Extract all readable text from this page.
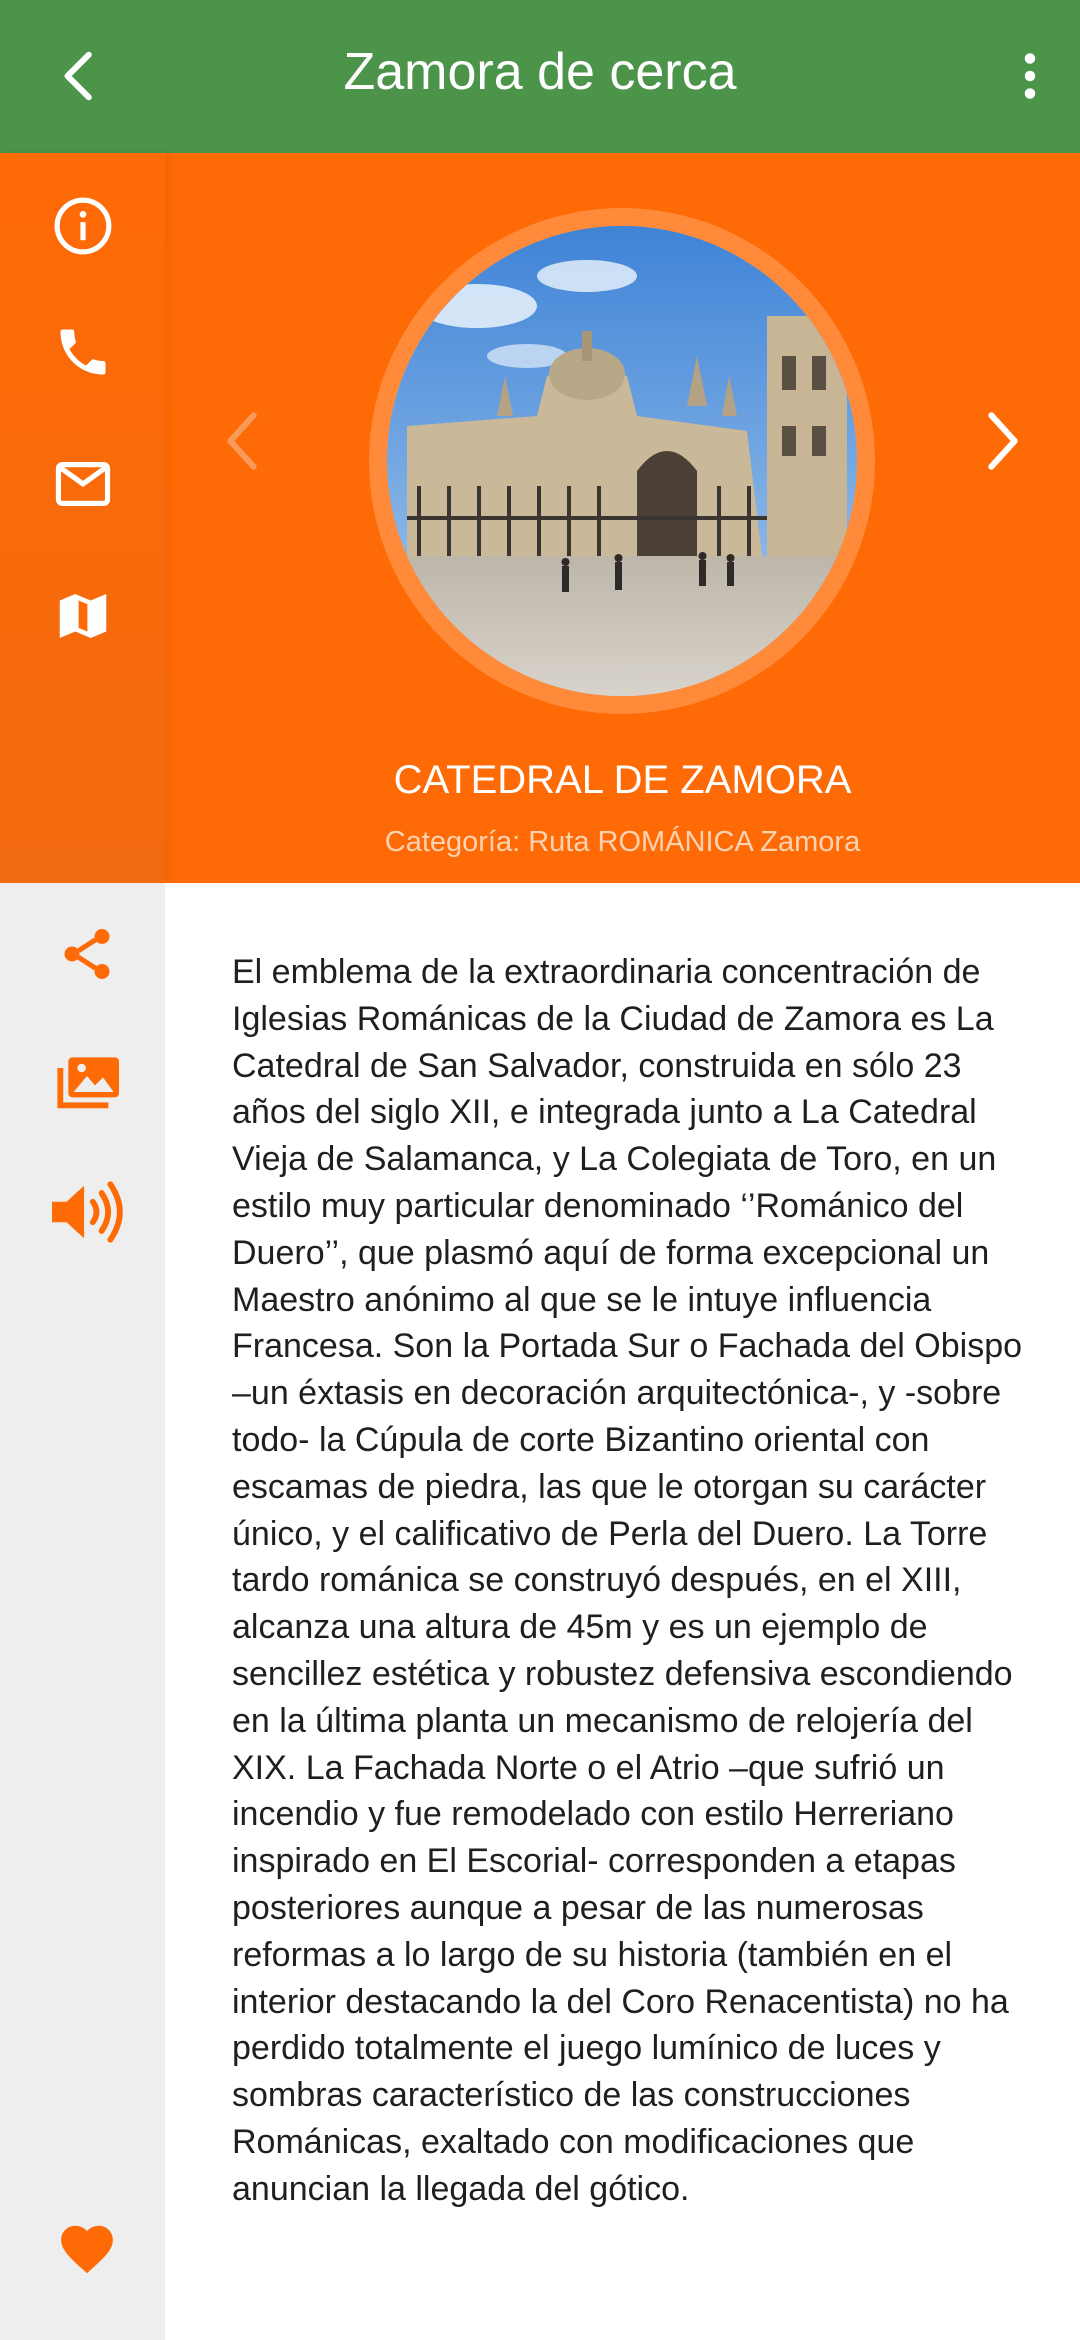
Zamora de cerca
CATEDRAL DE ZAMORA
Categoría: Ruta ROMÁNICA Zamora
El emblema de la extraordinaria concentración de Iglesias Románicas de la Ciudad de Zamora es La Catedral de San Salvador, construida en sólo 23 años del siglo XII, e integrada junto a La Catedral Vieja de Salamanca, y La Colegiata de Toro, en un estilo muy particular denominado ‘’Románico del Duero’’, que plasmó aquí de forma excepcional un Maestro anónimo al que se le intuye influencia Francesa. Son la Portada Sur o Fachada del Obispo –un éxtasis en decoración arquitectónica-, y -sobre todo- la Cúpula de corte Bizantino oriental con escamas de piedra, las que le otorgan su carácter único, y el calificativo de Perla del Duero. La Torre tardo románica se construyó después, en el XIII, alcanza una altura de 45m y es un ejemplo de sencillez estética y robustez defensiva escondiendo en la última planta un mecanismo de relojería del XIX. La Fachada Norte o el Atrio –que sufrió un incendio y fue remodelado con estilo Herreriano inspirado en El Escorial- corresponden a etapas posteriores aunque a pesar de las numerosas reformas a lo largo de su historia (también en el interior destacando la del Coro Renacentista) no ha perdido totalmente el juego lumínico de luces y sombras característico de las construcciones Románicas, exaltado con modificaciones que anuncian la llegada del gótico.
